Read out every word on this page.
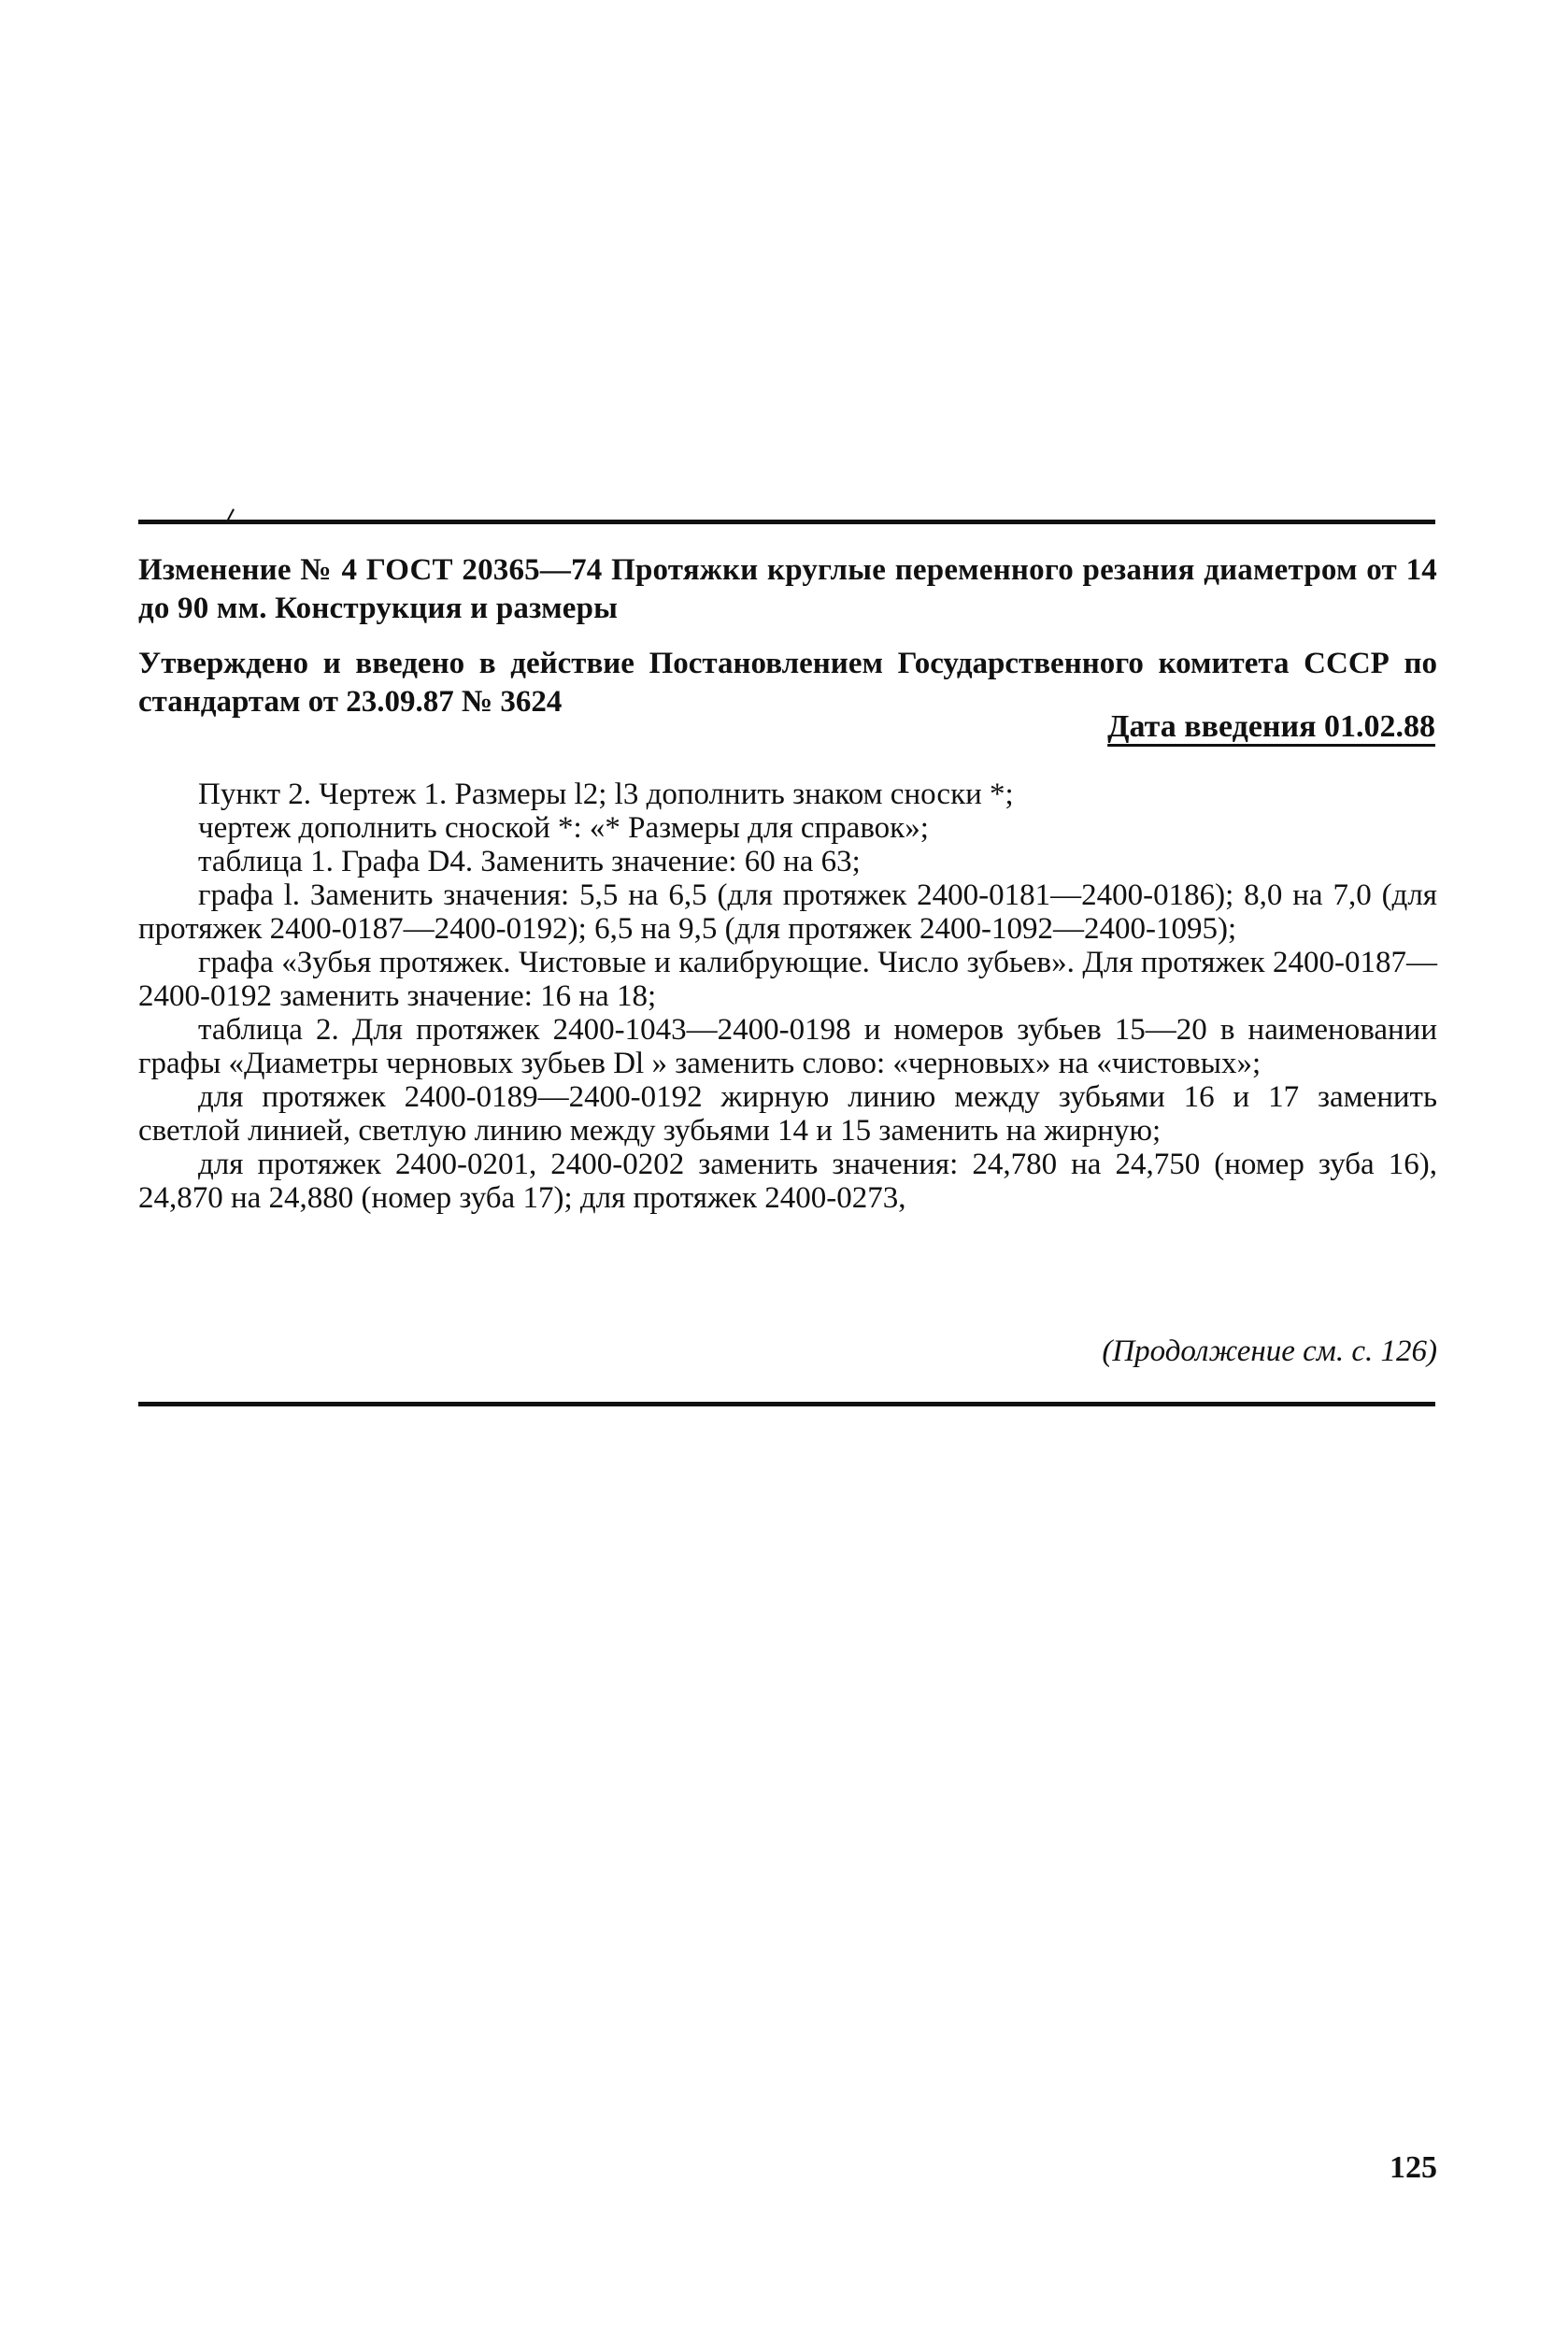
Изменение № 4 ГОСТ 20365—74 Протяжки круглые переменного резания диаметром от 14 до 90 мм. Конструкция и размеры

Утверждено и введено в действие Постановлением Государственного комитета СССР по стандартам от 23.09.87 № 3624

Дата введения 01.02.88

Пункт 2. Чертеж 1. Размеры l2; l3 дополнить знаком сноски *;

чертеж дополнить сноской *: «* Размеры для справок»;

таблица 1. Графа D4. Заменить значение: 60 на 63;

графа l. Заменить значения: 5,5 на 6,5 (для протяжек 2400-0181—2400-0186); 8,0 на 7,0 (для протяжек 2400-0187—2400-0192); 6,5 на 9,5 (для протяжек 2400-1092—2400-1095);

графа «Зубья протяжек. Чистовые и калибрующие. Число зубьев». Для протяжек 2400-0187—2400-0192 заменить значение: 16 на 18;

таблица 2. Для протяжек 2400-1043—2400-0198 и номеров зубьев 15—20 в наименовании графы «Диаметры черновых зубьев Dl » заменить слово: «черновых» на «чистовых»;

для протяжек 2400-0189—2400-0192 жирную линию между зубьями 16 и 17 заменить светлой линией, светлую линию между зубьями 14 и 15 заменить на жирную;

для протяжек 2400-0201, 2400-0202 заменить значения: 24,780 на 24,750 (номер зуба 16), 24,870 на 24,880 (номер зуба 17); для протяжек 2400-0273,

(Продолжение см. с. 126)
125
